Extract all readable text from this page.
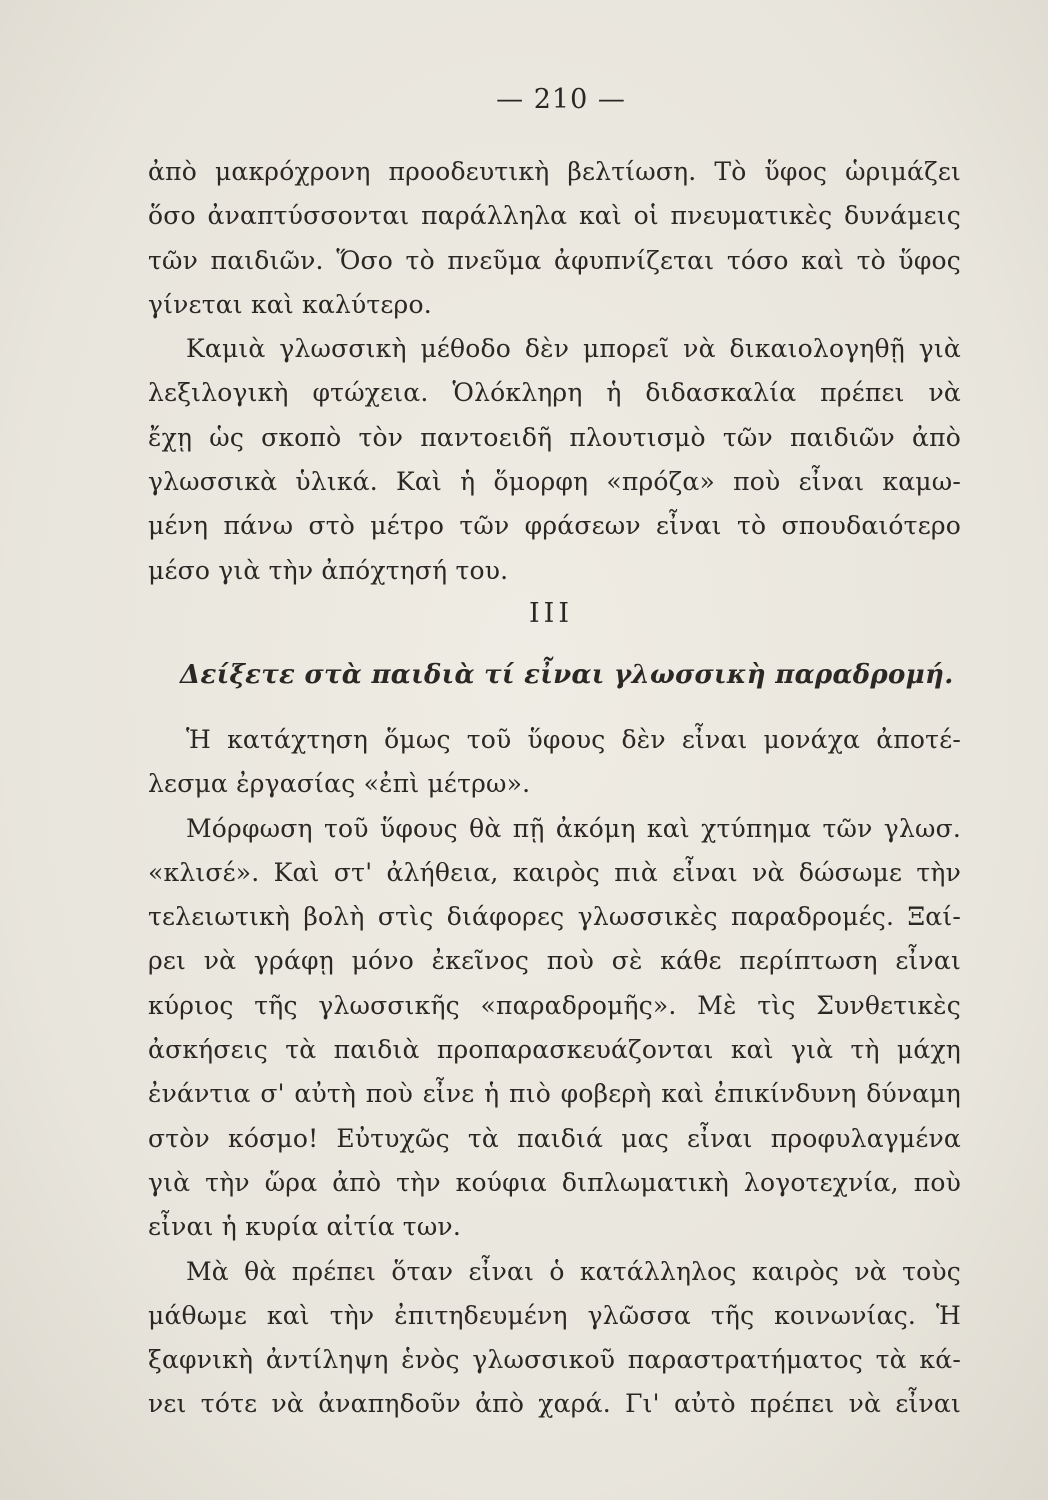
— 210 —
ἀπὸ μακρόχρονη προοδευτικὴ βελτίωση. Τὸ ὕφος ὡριμάζει
ὅσο ἀναπτύσσονται παράλληλα καὶ οἱ πνευματικὲς δυνάμεις
τῶν παιδιῶν. Ὅσο τὸ πνεῦμα ἀφυπνίζεται τόσο καὶ τὸ ὕφος
γίνεται καὶ καλύτερο.
Καμιὰ γλωσσικὴ μέθοδο δὲν μπορεῖ νὰ δικαιολογηθῇ γιὰ
λεξιλογικὴ φτώχεια. Ὁλόκληρη ἡ διδασκαλία πρέπει νὰ
ἔχῃ ὡς σκοπὸ τὸν παντοειδῆ πλουτισμὸ τῶν παιδιῶν ἀπὸ
γλωσσικὰ ὑλικά. Καὶ ἡ ὅμορφη «πρόζα» ποὺ εἶναι καμω-
μένη πάνω στὸ μέτρο τῶν φράσεων εἶναι τὸ σπουδαιότερο
μέσο γιὰ τὴν ἀπόχτησή του.
III
Δείξετε στὰ παιδιὰ τί εἶναι γλωσσικὴ παραδρομή.
Ἡ κατάχτηση ὅμως τοῦ ὕφους δὲν εἶναι μονάχα ἀποτέ-
λεσμα ἐργασίας «ἐπὶ μέτρω».
Μόρφωση τοῦ ὕφους θὰ πῇ ἀκόμη καὶ χτύπημα τῶν γλωσ.
«κλισέ». Καὶ στ' ἀλήθεια, καιρὸς πιὰ εἶναι νὰ δώσωμε τὴν
τελειωτικὴ βολὴ στὶς διάφορες γλωσσικὲς παραδρομές. Ξαί-
ρει νὰ γράφῃ μόνο ἐκεῖνος ποὺ σὲ κάθε περίπτωση εἶναι
κύριος τῆς γλωσσικῆς «παραδρομῆς». Μὲ τὶς Συνθετικὲς
ἀσκήσεις τὰ παιδιὰ προπαρασκευάζονται καὶ γιὰ τὴ μάχη
ἐνάντια σ' αὐτὴ ποὺ εἶνε ἡ πιὸ φοβερὴ καὶ ἐπικίνδυνη δύναμη
στὸν κόσμο! Εὐτυχῶς τὰ παιδιά μας εἶναι προφυλαγμένα
γιὰ τὴν ὥρα ἀπὸ τὴν κούφια διπλωματικὴ λογοτεχνία, ποὺ
εἶναι ἡ κυρία αἰτία των.
Μὰ θὰ πρέπει ὅταν εἶναι ὁ κατάλληλος καιρὸς νὰ τοὺς
μάθωμε καὶ τὴν ἐπιτηδευμένη γλῶσσα τῆς κοινωνίας. Ἡ
ξαφνικὴ ἀντίληψη ἑνὸς γλωσσικοῦ παραστρατήματος τὰ κά-
νει τότε νὰ ἀναπηδοῦν ἀπὸ χαρά. Γι' αὐτὸ πρέπει νὰ εἶναι
